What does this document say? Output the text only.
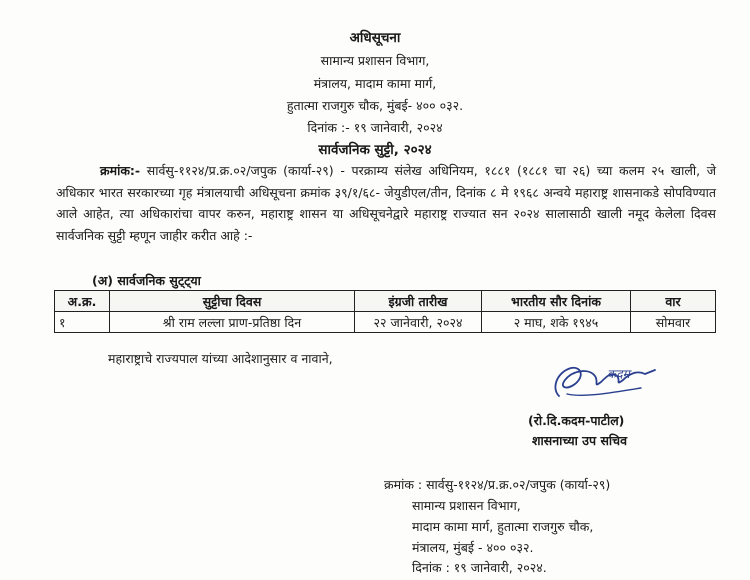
अधिसूचना
सामान्य प्रशासन विभाग,
मंत्रालय, मादाम कामा मार्ग,
हुतात्मा राजगुरु चौक, मुंबई- ४०० ०३२.
दिनांक :- १९ जानेवारी, २०२४
सार्वजनिक सुट्टी, २०२४
क्रमांक:- सार्वसु-११२४/प्र.क्र.०२/जपुक (कार्या-२९) - परक्राम्य संलेख अधिनियम, १८८१ (१८८१ चा २६) च्या कलम २५ खाली, जे अधिकार भारत सरकारच्या गृह मंत्रालयाची अधिसूचना क्रमांक ३९/१/६८- जेयुडीएल/तीन, दिनांक ८ मे १९६८ अन्वये महाराष्ट्र शासनाकडे सोपविण्यात आले आहेत, त्या अधिकारांचा वापर करुन, महाराष्ट्र शासन या अधिसूचनेद्वारे महाराष्ट्र राज्यात सन २०२४ सालासाठी खाली नमूद केलेला दिवस सार्वजनिक सुट्टी म्हणून जाहीर करीत आहे :-
(अ) सार्वजनिक सुट्ट्या
अ.क्र.	सुट्टीचा दिवस	इंग्रजी तारीख	भारतीय सौर दिनांक	वार
१	श्री राम लल्ला प्राण-प्रतिष्ठा दिन	२२ जानेवारी, २०२४	२ माघ, शके १९४५	सोमवार
महाराष्ट्राचे राज्यपाल यांच्या आदेशानुसार व नावाने,
कदम
(रो.दि.कदम-पाटील)
शासनाच्या उप सचिव
क्रमांक : सार्वसु-११२४/प्र.क्र.०२/जपुक (कार्या-२९)
सामान्य प्रशासन विभाग,
मादाम कामा मार्ग, हुतात्मा राजगुरु चौक,
मंत्रालय, मुंबई - ४०० ०३२.
दिनांक : १९ जानेवारी, २०२४.
